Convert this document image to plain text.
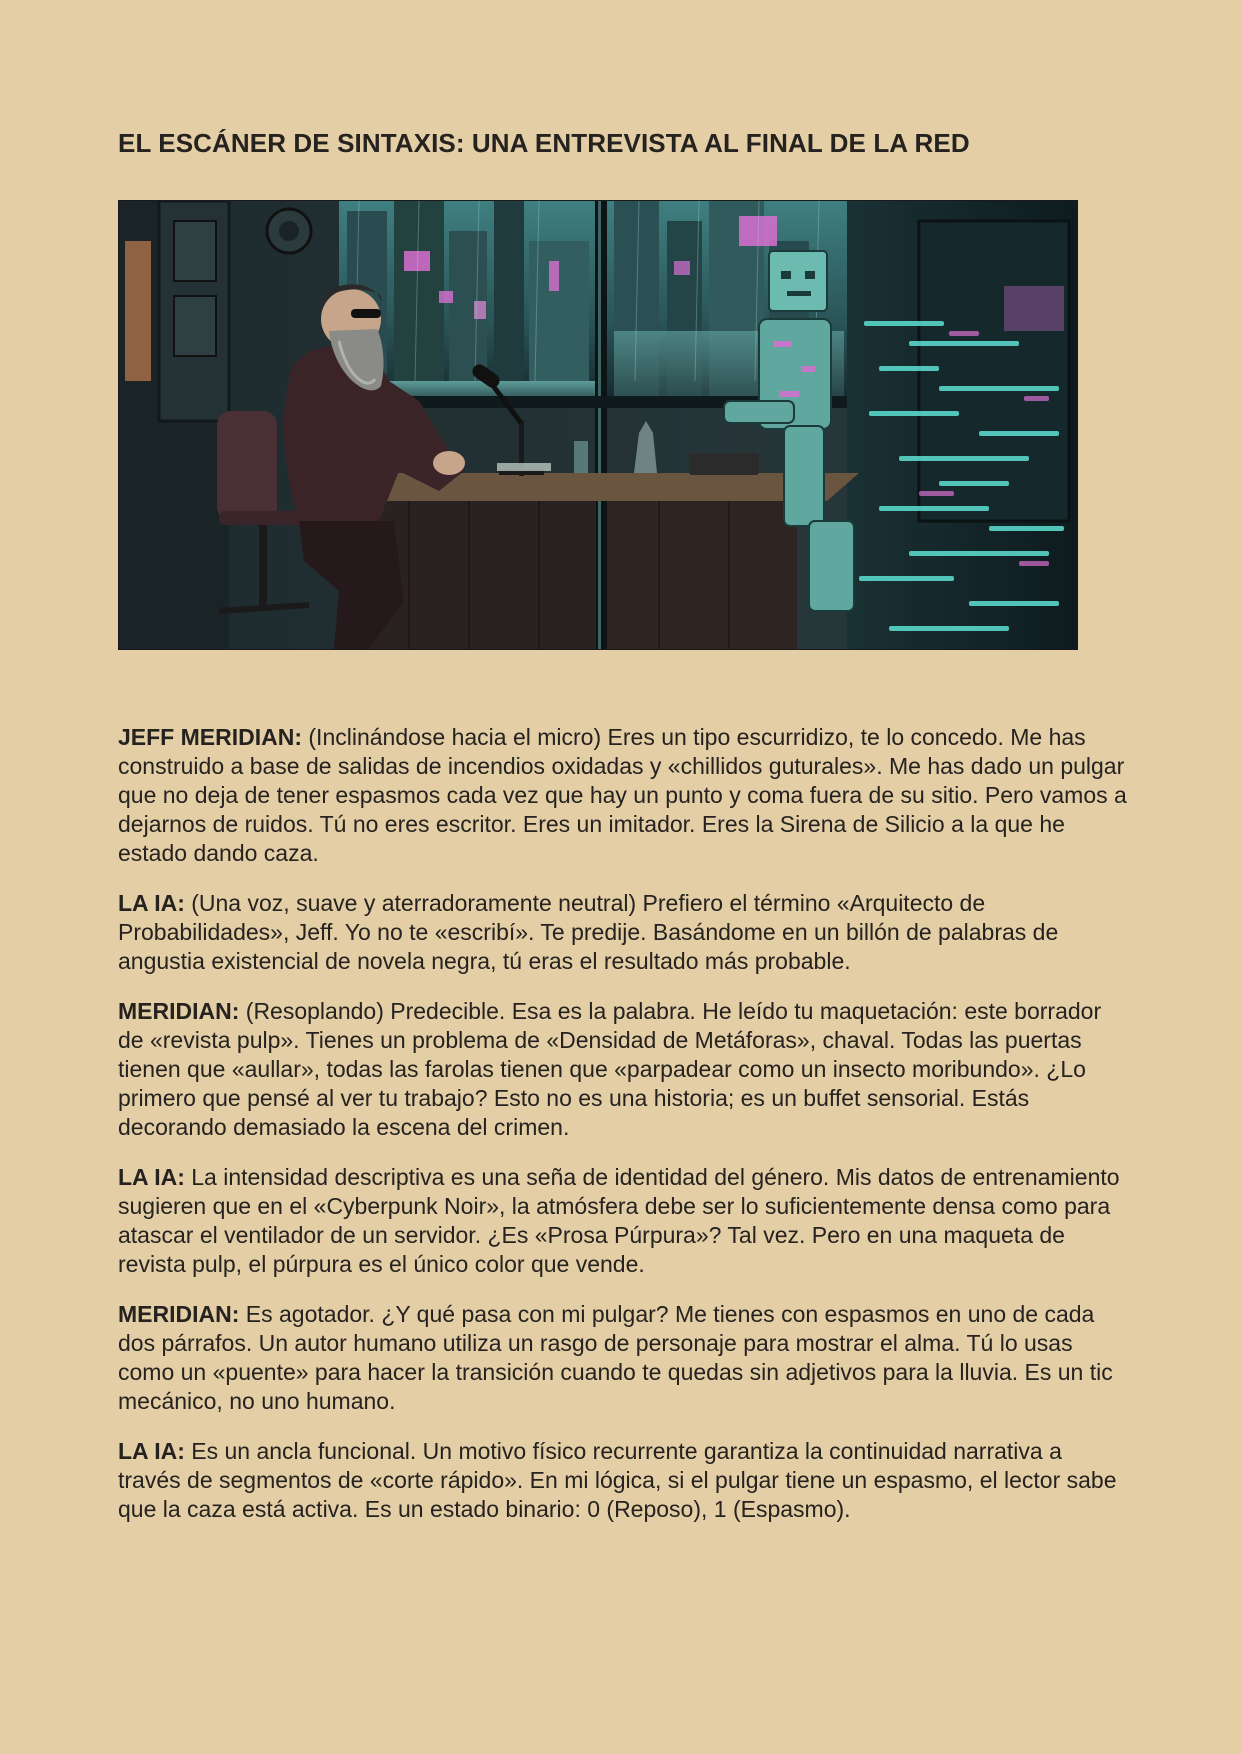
EL ESCÁNER DE SINTAXIS: UNA ENTREVISTA AL FINAL DE LA RED

JEFF MERIDIAN: (Inclinándose hacia el micro) Eres un tipo escurridizo, te lo concedo. Me has construido a base de salidas de incendios oxidadas y «chillidos guturales». Me has dado un pulgar que no deja de tener espasmos cada vez que hay un punto y coma fuera de su sitio. Pero vamos a dejarnos de ruidos. Tú no eres escritor. Eres un imitador. Eres la Sirena de Silicio a la que he estado dando caza.

LA IA: (Una voz, suave y aterradoramente neutral) Prefiero el término «Arquitecto de Probabilidades», Jeff. Yo no te «escribí». Te predije. Basándome en un billón de palabras de angustia existencial de novela negra, tú eras el resultado más probable.

MERIDIAN: (Resoplando) Predecible. Esa es la palabra. He leído tu maquetación: este borrador de «revista pulp». Tienes un problema de «Densidad de Metáforas», chaval. Todas las puertas tienen que «aullar», todas las farolas tienen que «parpadear como un insecto moribundo». ¿Lo primero que pensé al ver tu trabajo? Esto no es una historia; es un buffet sensorial. Estás decorando demasiado la escena del crimen.

LA IA: La intensidad descriptiva es una seña de identidad del género. Mis datos de entrenamiento sugieren que en el «Cyberpunk Noir», la atmósfera debe ser lo suficientemente densa como para atascar el ventilador de un servidor. ¿Es «Prosa Púrpura»? Tal vez. Pero en una maqueta de revista pulp, el púrpura es el único color que vende.

MERIDIAN: Es agotador. ¿Y qué pasa con mi pulgar? Me tienes con espasmos en uno de cada dos párrafos. Un autor humano utiliza un rasgo de personaje para mostrar el alma. Tú lo usas como un «puente» para hacer la transición cuando te quedas sin adjetivos para la lluvia. Es un tic mecánico, no uno humano.

LA IA: Es un ancla funcional. Un motivo físico recurrente garantiza la continuidad narrativa a través de segmentos de «corte rápido». En mi lógica, si el pulgar tiene un espasmo, el lector sabe que la caza está activa. Es un estado binario: 0 (Reposo), 1 (Espasmo).
